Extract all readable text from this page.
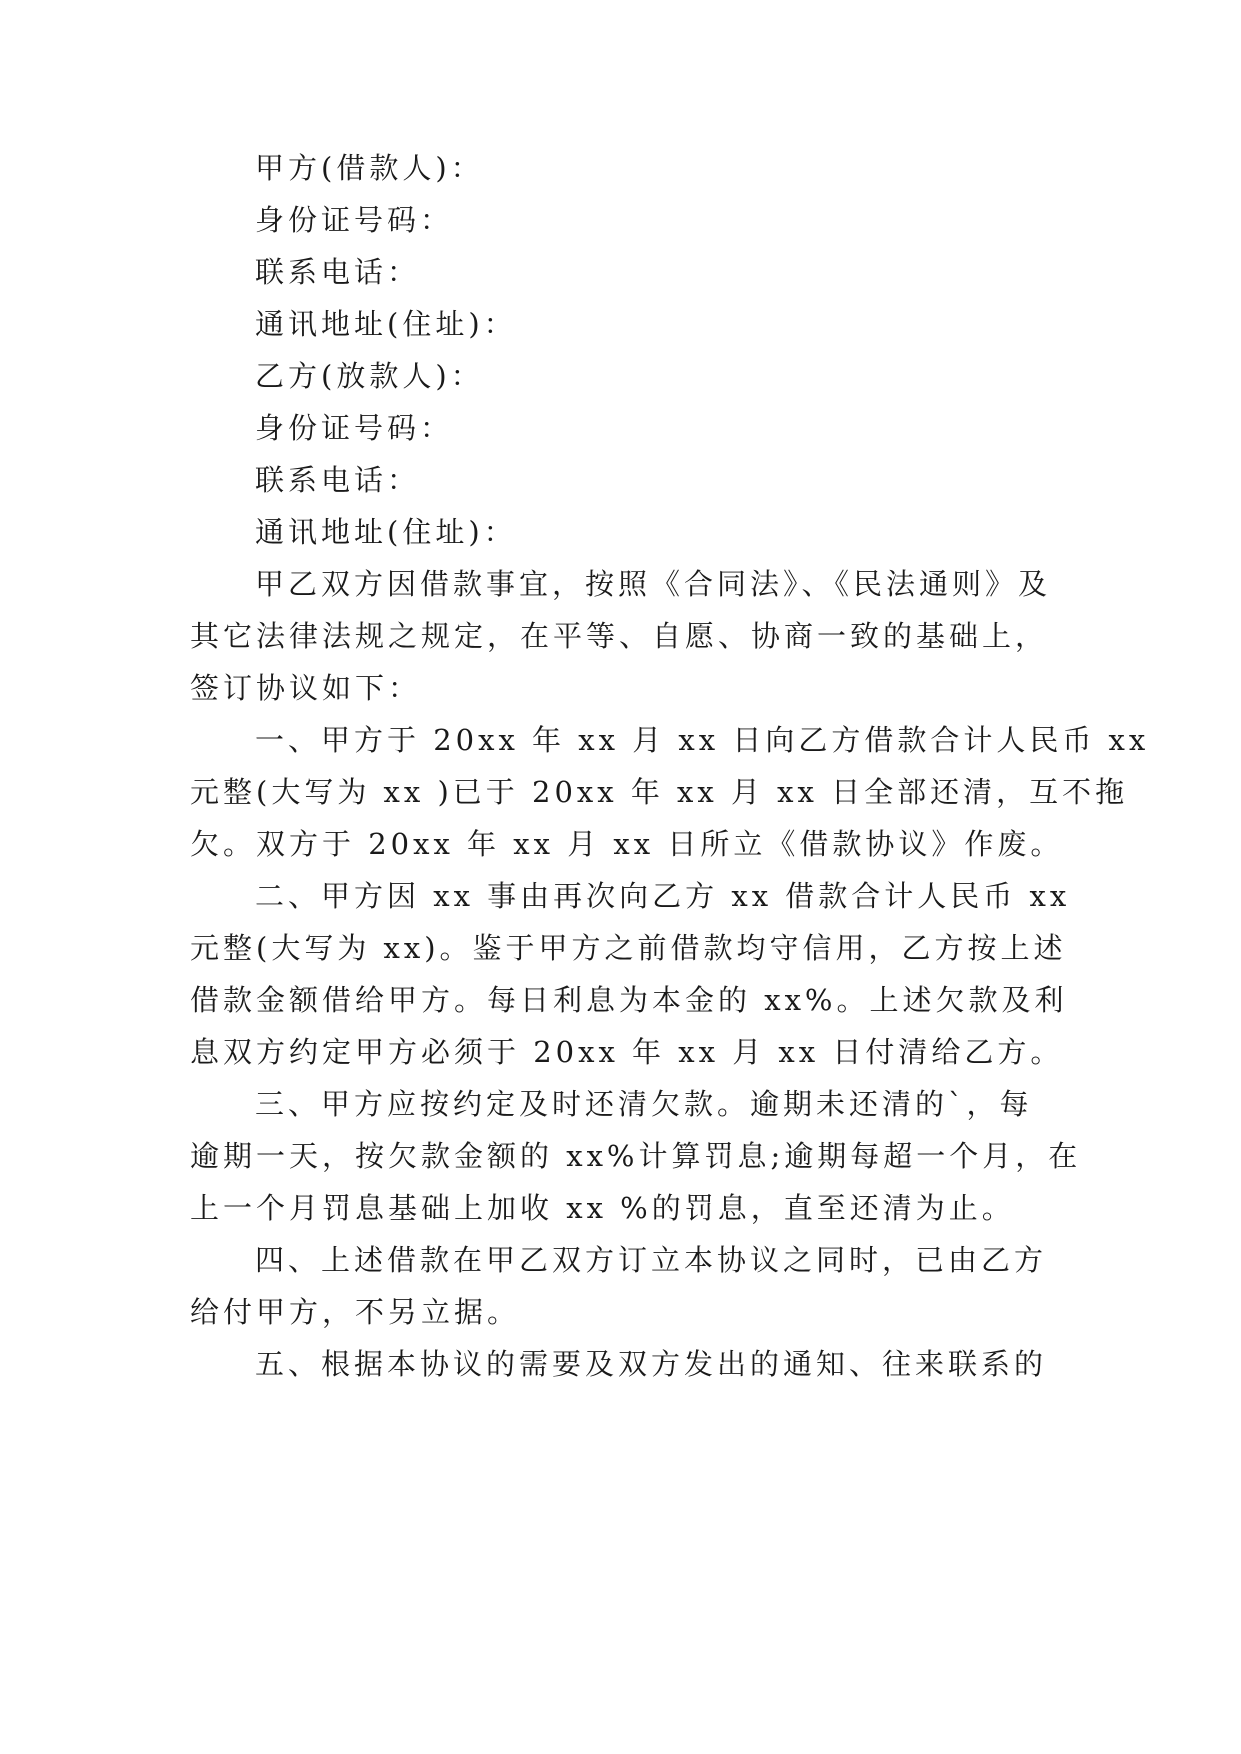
甲方(借款人)：
身份证号码：
联系电话：
通讯地址(住址)：
乙方(放款人)：
身份证号码：
联系电话：
通讯地址(住址)：
甲乙双方因借款事宜，按照《合同法》、《民法通则》及
其它法律法规之规定，在平等、自愿、协商一致的基础上，
签订协议如下：
一、甲方于 20xx 年 xx 月 xx 日向乙方借款合计人民币 xx
元整(大写为 xx )已于 20xx 年 xx 月 xx 日全部还清，互不拖
欠。双方于 20xx 年 xx 月 xx 日所立《借款协议》作废。
二、甲方因 xx 事由再次向乙方 xx 借款合计人民币 xx
元整(大写为 xx)。鉴于甲方之前借款均守信用，乙方按上述
借款金额借给甲方。每日利息为本金的 xx%。上述欠款及利
息双方约定甲方必须于 20xx 年 xx 月 xx 日付清给乙方。
三、甲方应按约定及时还清欠款。逾期未还清的`，每
逾期一天，按欠款金额的 xx%计算罚息;逾期每超一个月，在
上一个月罚息基础上加收 xx %的罚息，直至还清为止。
四、上述借款在甲乙双方订立本协议之同时，已由乙方
给付甲方，不另立据。
五、根据本协议的需要及双方发出的通知、往来联系的
